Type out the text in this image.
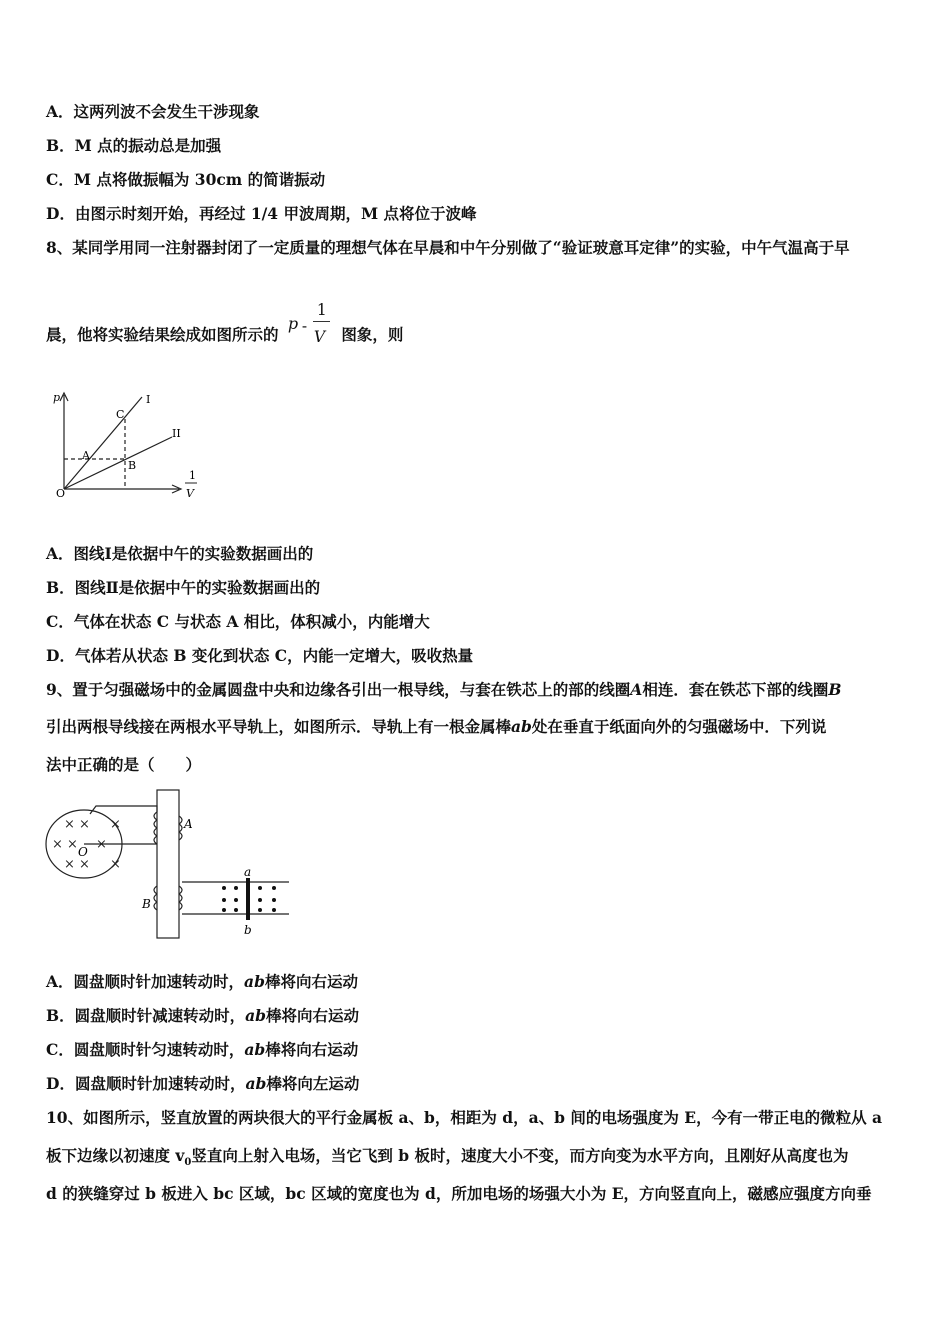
A．这两列波不会发生干涉现象
B．M 点的振动总是加强
C．M 点将做振幅为 30cm 的简谐振动
D．由图示时刻开始，再经过 1/4 甲波周期，M 点将位于波峰
8、某同学用同一注射器封闭了一定质量的理想气体在早晨和中午分别做了“验证玻意耳定律”的实验，中午气温高于早
晨，他将实验结果绘成如图所示的
p -
1
V 图象，则
p
O
I
II
A
B
C
1
V
A．图线Ⅰ是依据中午的实验数据画出的
B．图线Ⅱ是依据中午的实验数据画出的
C．气体在状态 C 与状态 A 相比，体积减小，内能增大
D．气体若从状态 B 变化到状态 C，内能一定增大，吸收热量
9、置于匀强磁场中的金属圆盘中央和边缘各引出一根导线，与套在铁芯上的部的线圈A相连．套在铁芯下部的线圈B
引出两根导线接在两根水平导轨上，如图所示．导轨上有一根金属棒ab处在垂直于纸面向外的匀强磁场中．下列说
法中正确的是（　　）
× ×
× × ×
× ×
×
×
A
B
O
a
b
A．圆盘顺时针加速转动时，ab棒将向右运动
B．圆盘顺时针减速转动时，ab棒将向右运动
C．圆盘顺时针匀速转动时，ab棒将向右运动
D．圆盘顺时针加速转动时，ab棒将向左运动
10、如图所示，竖直放置的两块很大的平行金属板 a、b，相距为 d，a、b 间的电场强度为 E，今有一带正电的微粒从 a
板下边缘以初速度 $v_0$竖直向上射入电场，当它飞到 b 板时，速度大小不变，而方向变为水平方向，且刚好从高度也为
d 的狭缝穿过 b 板进入 bc 区域，bc 区域的宽度也为 d，所加电场的场强大小为 E，方向竖直向上，磁感应强度方向垂
